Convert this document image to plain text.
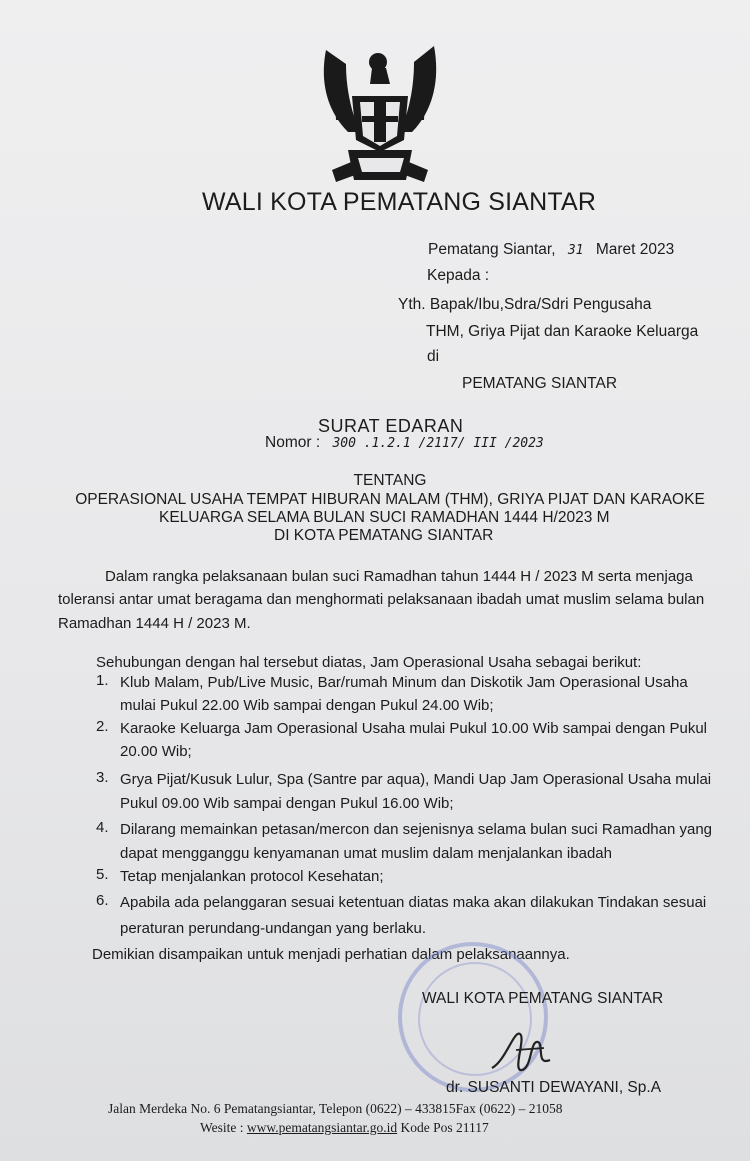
WALI KOTA PEMATANG SIANTAR
Pematang Siantar, 31 Maret 2023
Kepada :
Yth. Bapak/Ibu,Sdra/Sdri Pengusaha
THM, Griya Pijat dan Karaoke Keluarga
di
PEMATANG SIANTAR
SURAT EDARAN
Nomor : 300 .1.2.1 /2117/ III /2023
TENTANG
OPERASIONAL USAHA TEMPAT HIBURAN MALAM (THM), GRIYA PIJAT DAN KARAOKE
KELUARGA SELAMA BULAN SUCI RAMADHAN 1444 H/2023 M
DI KOTA PEMATANG SIANTAR
Dalam rangka pelaksanaan bulan suci Ramadhan tahun 1444 H / 2023 M serta menjaga
toleransi antar umat beragama dan menghormati pelaksanaan ibadah umat muslim selama bulan
Ramadhan 1444 H / 2023 M.
Sehubungan dengan hal tersebut diatas, Jam Operasional Usaha sebagai berikut:
1. Klub Malam, Pub/Live Music, Bar/rumah Minum dan Diskotik Jam Operasional Usaha
mulai Pukul 22.00 Wib sampai dengan Pukul 24.00 Wib;
2. Karaoke Keluarga Jam Operasional Usaha mulai Pukul 10.00 Wib sampai dengan Pukul
20.00 Wib;
3. Grya Pijat/Kusuk Lulur, Spa (Santre par aqua), Mandi Uap Jam Operasional Usaha mulai
Pukul 09.00 Wib sampai dengan Pukul 16.00 Wib;
4. Dilarang memainkan petasan/mercon dan sejenisnya selama bulan suci Ramadhan yang
dapat mengganggu kenyamanan umat muslim dalam menjalankan ibadah
5. Tetap menjalankan protocol Kesehatan;
6. Apabila ada pelanggaran sesuai ketentuan diatas maka akan dilakukan Tindakan sesuai
peraturan perundang-undangan yang berlaku.
Demikian disampaikan untuk menjadi perhatian dalam pelaksanaannya.
WALI KOTA PEMATANG SIANTAR
dr. SUSANTI DEWAYANI, Sp.A
Jalan Merdeka No. 6 Pematangsiantar, Telepon (0622) – 433815Fax (0622) – 21058
Wesite : www.pematangsiantar.go.id Kode Pos 21117
